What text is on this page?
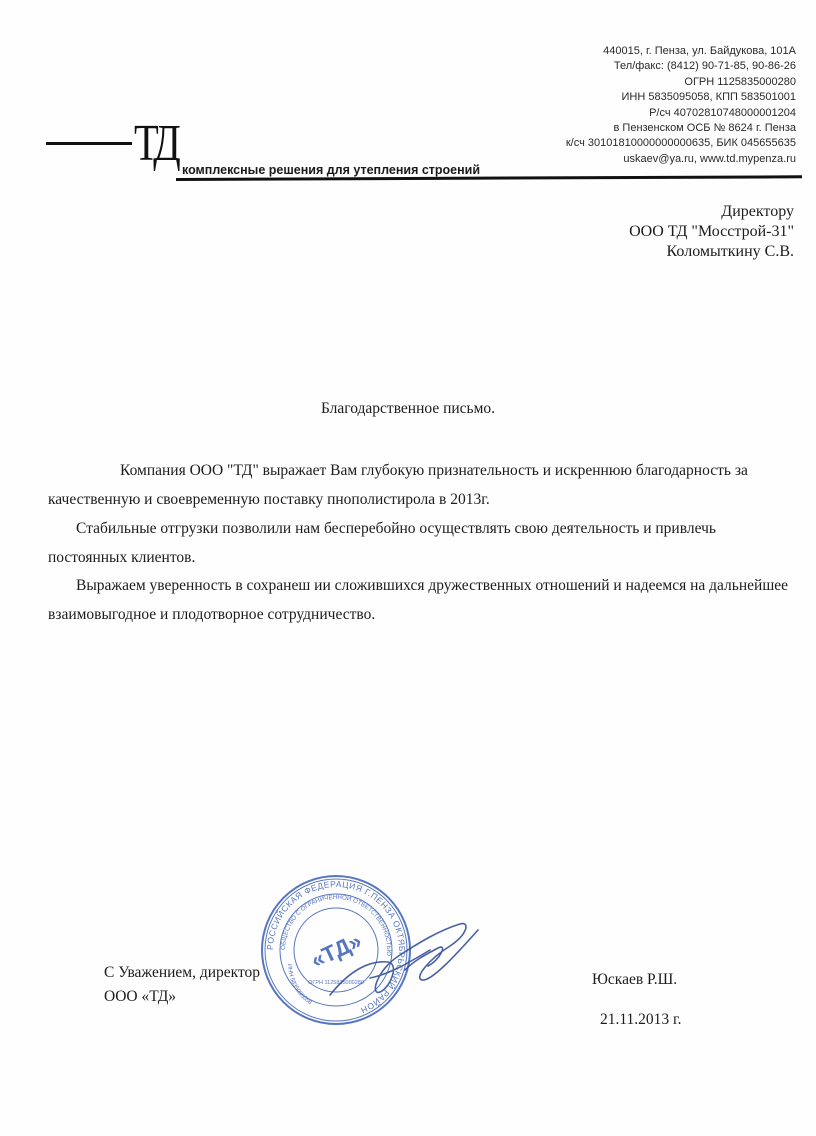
440015, г. Пенза, ул. Байдукова, 101А
Тел/факс: (8412) 90-71-85, 90-86-26
ОГРН 1125835000280
ИНН 5835095058, КПП 583501001
Р/сч 40702810748000001204
в Пензенском ОСБ № 8624 г. Пенза
к/сч 30101810000000000635, БИК 045655635
uskaev@ya.ru, www.td.mypenza.ru
ТД комплексные решения для утепления строений
Директору
ООО ТД "Мосстрой-31"
Коломыткину С.В.
Благодарственное письмо.
Компания ООО "ТД" выражает Вам глубокую признательность и искреннюю благодарность за качественную и своевременную поставку пнополистирола в 2013г.
Стабильные отгрузки позволили нам бесперебойно осуществлять свою деятельность и привлечь постоянных клиентов.
Выражаем уверенность в сохранеш ии сложившихся дружественных отношений и надеемся на дальнейшее взаимовыгодное и плодотворное сотрудничество.
С Уважением, директор
ООО «ТД»
Юскаев Р.Ш.
21.11.2013 г.
РОССИЙСКАЯ ФЕДЕРАЦИЯ Г.ПЕНЗА ОКТЯБРЬСКИЙ РАЙОН
ОБЩЕСТВО С ОГРАНИЧЕННОЙ ОТВЕТСТВЕННОСТЬЮ
ИНН 5835095058
«ТД»
ОГРН 1125835000280
